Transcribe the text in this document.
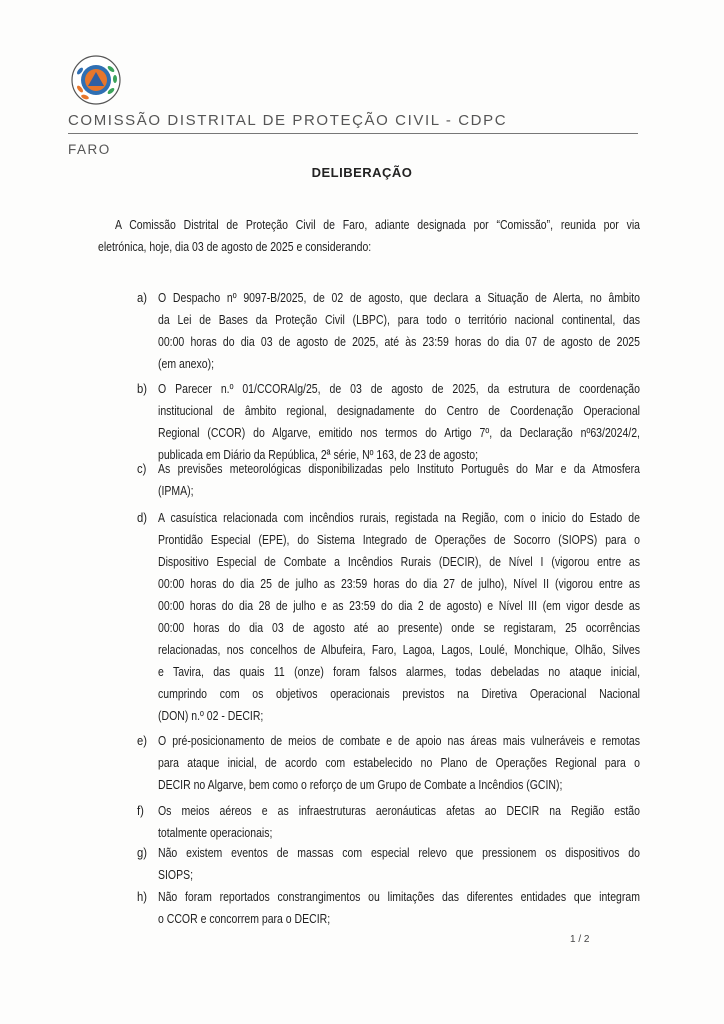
COMISSÃO DISTRITAL DE PROTEÇÃO CIVIL - CDPC
FARO
DELIBERAÇÃO
A Comissão Distrital de Proteção Civil de Faro, adiante designada por “Comissão”, reunida por via
eletrónica, hoje, dia 03 de agosto de 2025 e considerando:
a) O Despacho nº 9097-B/2025, de 02 de agosto, que declara a Situação de Alerta, no âmbito
da Lei de Bases da Proteção Civil (LBPC), para todo o território nacional continental, das
00:00 horas do dia 03 de agosto de 2025, até às 23:59 horas do dia 07 de agosto de 2025
(em anexo);
b) O Parecer n.º 01/CCORAlg/25, de 03 de agosto de 2025, da estrutura de coordenação
institucional de âmbito regional, designadamente do Centro de Coordenação Operacional
Regional (CCOR) do Algarve, emitido nos termos do Artigo 7º, da Declaração nº63/2024/2,
publicada em Diário da República, 2ª série, Nº 163, de 23 de agosto;
c) As previsões meteorológicas disponibilizadas pelo Instituto Português do Mar e da Atmosfera
(IPMA);
d) A casuística relacionada com incêndios rurais, registada na Região, com o inicio do Estado de
Prontidão Especial (EPE), do Sistema Integrado de Operações de Socorro (SIOPS) para o
Dispositivo Especial de Combate a Incêndios Rurais (DECIR), de Nível I (vigorou entre as
00:00 horas do dia 25 de julho as 23:59 horas do dia 27 de julho), Nível II (vigorou entre as
00:00 horas do dia 28 de julho e as 23:59 do dia 2 de agosto) e Nível III (em vigor desde as
00:00 horas do dia 03 de agosto até ao presente) onde se registaram, 25 ocorrências
relacionadas, nos concelhos de Albufeira, Faro, Lagoa, Lagos, Loulé, Monchique, Olhão, Silves
e Tavira, das quais 11 (onze) foram falsos alarmes, todas debeladas no ataque inicial,
cumprindo com os objetivos operacionais previstos na Diretiva Operacional Nacional
(DON) n.º 02 - DECIR;
e) O pré-posicionamento de meios de combate e de apoio nas áreas mais vulneráveis e remotas
para ataque inicial, de acordo com estabelecido no Plano de Operações Regional para o
DECIR no Algarve, bem como o reforço de um Grupo de Combate a Incêndios (GCIN);
f) Os meios aéreos e as infraestruturas aeronáuticas afetas ao DECIR na Região estão
totalmente operacionais;
g) Não existem eventos de massas com especial relevo que pressionem os dispositivos do
SIOPS;
h) Não foram reportados constrangimentos ou limitações das diferentes entidades que integram
o CCOR e concorrem para o DECIR;
1 / 2
